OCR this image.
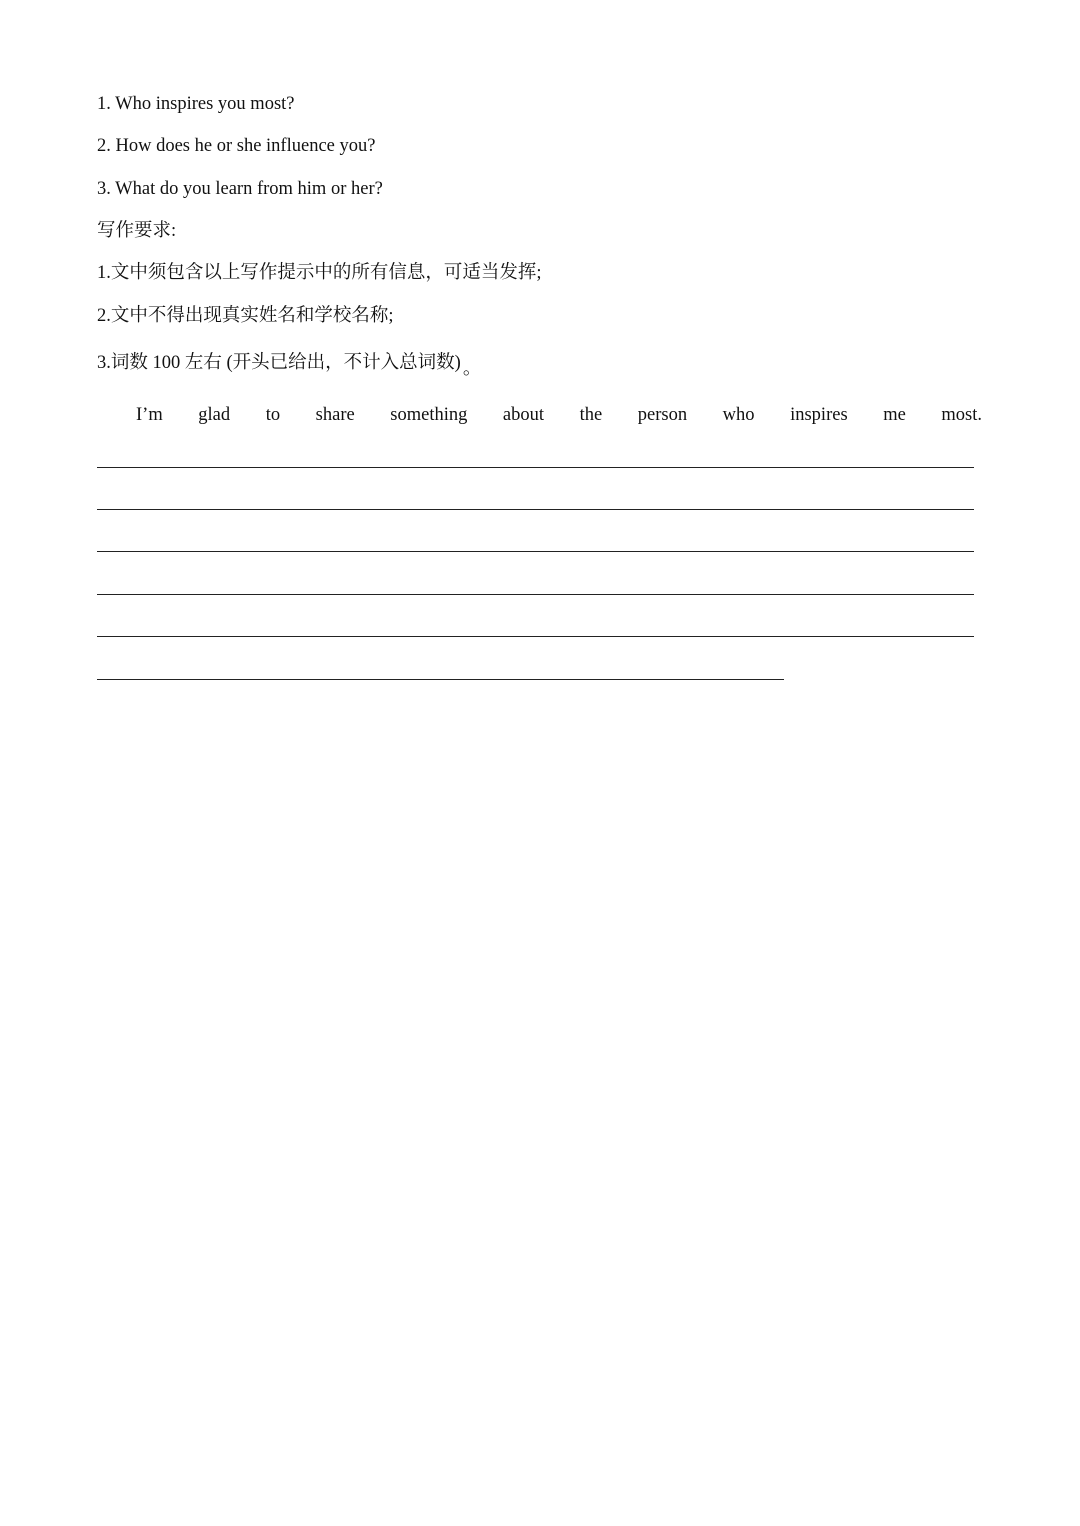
1. Who inspires you most?
2. How does he or she influence you?
3. What do you learn from him or her?
写作要求:
1.文中须包含以上写作提示中的所有信息，可适当发挥;
2.文中不得出现真实姓名和学校名称;
3.词数 100 左右 (开头已给出，不计入总词数) 。
I’m glad to share something about the person who inspires me most.
